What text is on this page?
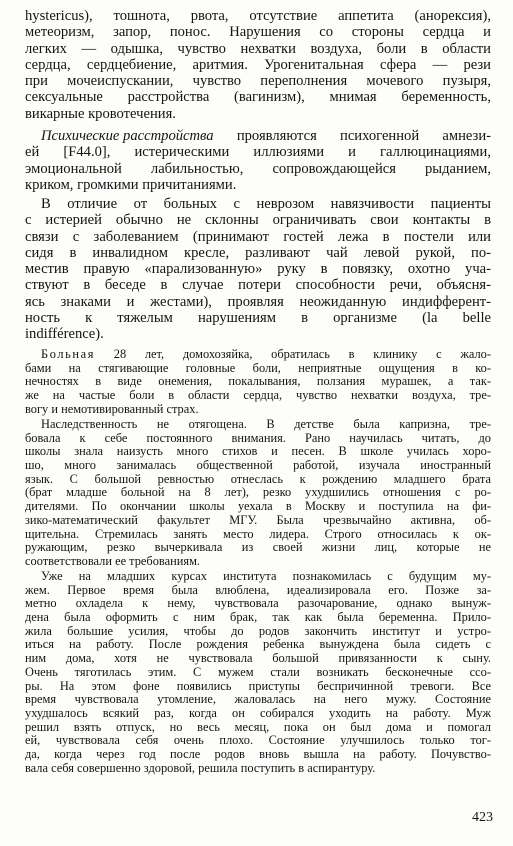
hystericus), тошнота, рвота, отсутствие аппетита (анорексия),
метеоризм, запор, понос. Нарушения со стороны сердца и
легких — одышка, чувство нехватки воздуха, боли в области
сердца, сердцебиение, аритмия. Урогенитальная сфера — рези
при мочеиспускании, чувство переполнения мочевого пузыря,
сексуальные расстройства (вагинизм), мнимая беременность,
викарные кровотечения.
Психические расстройства проявляются психогенной амнези-
ей [F44.0], истерическими иллюзиями и галлюцинациями,
эмоциональной лабильностью, сопровождающейся рыданием,
криком, громкими причитаниями.
В отличие от больных с неврозом навязчивости пациенты
с истерией обычно не склонны ограничивать свои контакты в
связи с заболеванием (принимают гостей лежа в постели или
сидя в инвалидном кресле, разливают чай левой рукой, по-
местив правую «парализованную» руку в повязку, охотно уча-
ствуют в беседе в случае потери способности речи, объясня-
ясь знаками и жестами), проявляя неожиданную индифферент-
ность к тяжелым нарушениям в организме (la belle
indifférence).
Больная 28 лет, домохозяйка, обратилась в клинику с жало-
бами на стягивающие головные боли, неприятные ощущения в ко-
нечностях в виде онемения, покалывания, ползания мурашек, а так-
же на частые боли в области сердца, чувство нехватки воздуха, тре-
вогу и немотивированный страх.
Наследственность не отягощена. В детстве была капризна, тре-
бовала к себе постоянного внимания. Рано научилась читать, до
школы знала наизусть много стихов и песен. В школе училась хоро-
шо, много занималась общественной работой, изучала иностранный
язык. С большой ревностью отнеслась к рождению младшего брата
(брат младше больной на 8 лет), резко ухудшились отношения с ро-
дителями. По окончании школы уехала в Москву и поступила на фи-
зико-математический факультет МГУ. Была чрезвычайно активна, об-
щительна. Стремилась занять место лидера. Строго относилась к ок-
ружающим, резко вычеркивала из своей жизни лиц, которые не
соответствовали ее требованиям.
Уже на младших курсах института познакомилась с будущим му-
жем. Первое время была влюблена, идеализировала его. Позже за-
метно охладела к нему, чувствовала разочарование, однако вынуж-
дена была оформить с ним брак, так как была беременна. Прило-
жила большие усилия, чтобы до родов закончить институт и устро-
иться на работу. После рождения ребенка вынуждена была сидеть с
ним дома, хотя не чувствовала большой привязанности к сыну.
Очень тяготилась этим. С мужем стали возникать бесконечные ссо-
ры. На этом фоне появились приступы беспричинной тревоги. Все
время чувствовала утомление, жаловалась на него мужу. Состояние
ухудшалось всякий раз, когда он собирался уходить на работу. Муж
решил взять отпуск, но весь месяц, пока он был дома и помогал
ей, чувствовала себя очень плохо. Состояние улучшилось только тог-
да, когда через год после родов вновь вышла на работу. Почувство-
вала себя совершенно здоровой, решила поступить в аспирантуру.
423
